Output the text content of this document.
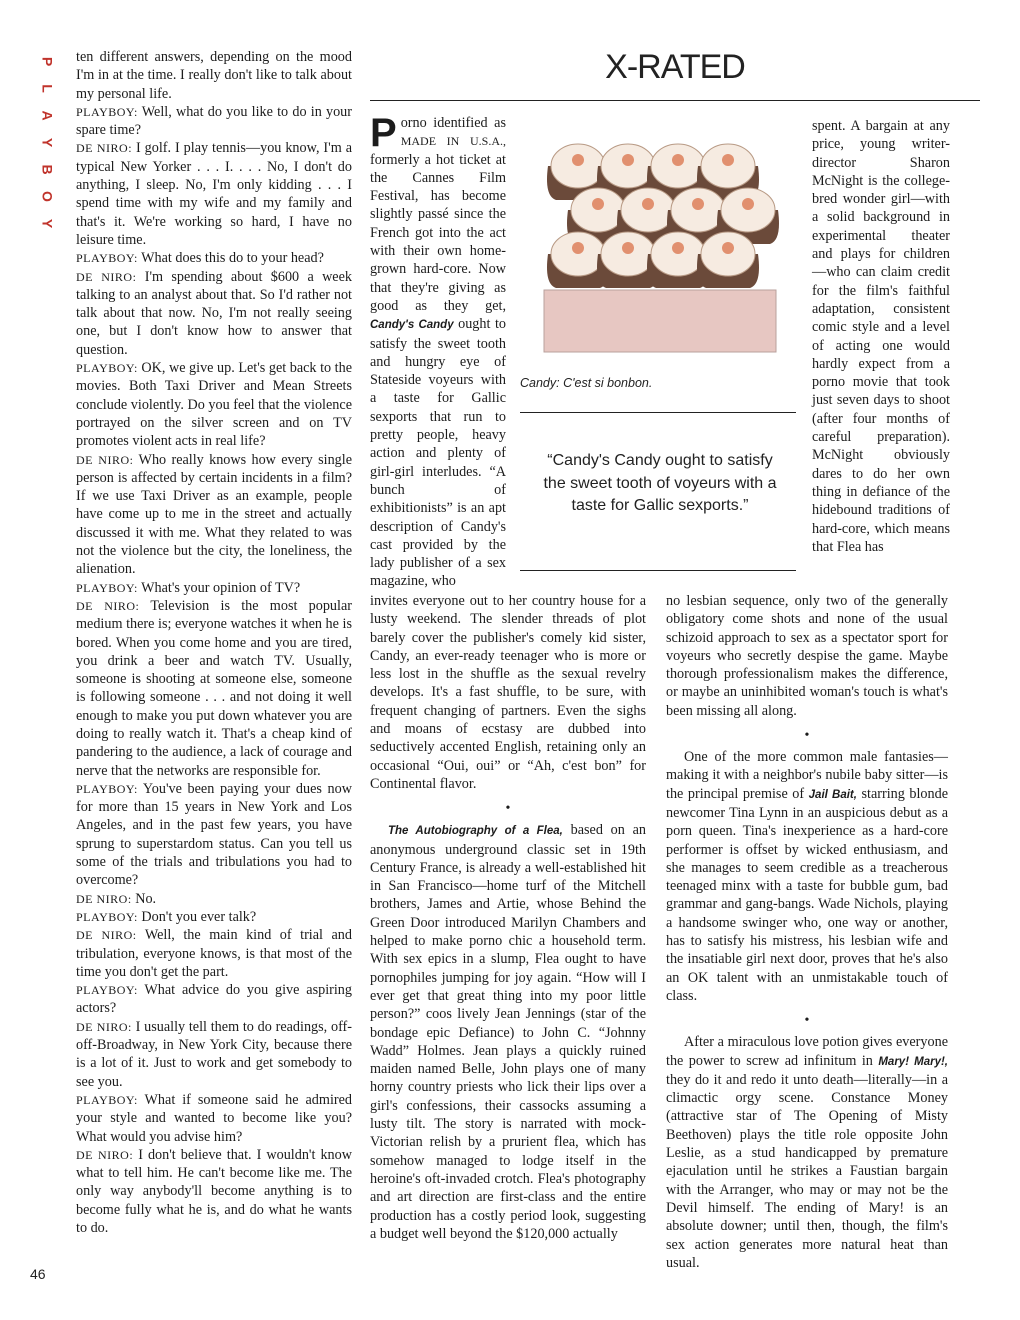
P
L
A
Y
B
O
Y
46

ten different answers, depending on the mood I'm in at the time. I really don't like to talk about my personal life.

PLAYBOY: Well, what do you like to do in your spare time?

DE NIRO: I golf. I play tennis—you know, I'm a typical New Yorker . . . I. . . . No, I don't do anything, I sleep. No, I'm only kidding . . . I spend time with my wife and my family and that's it. We're working so hard, I have no leisure time.

PLAYBOY: What does this do to your head?

DE NIRO: I'm spending about $600 a week talking to an analyst about that. So I'd rather not talk about that now. No, I'm not really seeing one, but I don't know how to answer that question.

PLAYBOY: OK, we give up. Let's get back to the movies. Both Taxi Driver and Mean Streets conclude violently. Do you feel that the violence portrayed on the silver screen and on TV promotes violent acts in real life?

DE NIRO: Who really knows how every single person is affected by certain incidents in a film? If we use Taxi Driver as an example, people have come up to me in the street and actually discussed it with me. What they related to was not the violence but the city, the loneliness, the alienation.

PLAYBOY: What's your opinion of TV?

DE NIRO: Television is the most popular medium there is; everyone watches it when he is bored. When you come home and you are tired, you drink a beer and watch TV. Usually, someone is shooting at someone else, someone is following someone . . . and not doing it well enough to make you put down whatever you are doing to really watch it. That's a cheap kind of pandering to the audience, a lack of courage and nerve that the networks are responsible for.

PLAYBOY: You've been paying your dues now for more than 15 years in New York and Los Angeles, and in the past few years, you have sprung to superstardom status. Can you tell us some of the trials and tribulations you had to overcome?

DE NIRO: No.

PLAYBOY: Don't you ever talk?

DE NIRO: Well, the main kind of trial and tribulation, everyone knows, is that most of the time you don't get the part.

PLAYBOY: What advice do you give aspiring actors?

DE NIRO: I usually tell them to do readings, off-off-Broadway, in New York City, because there is a lot of it. Just to work and get somebody to see you.

PLAYBOY: What if someone said he admired your style and wanted to become like you? What would you advise him?

DE NIRO: I don't believe that. I wouldn't know what to tell him. He can't become like me. The only way anybody'll become anything is to become fully what he is, and do what he wants to do.

X-RATED

Porno identified as MADE IN U.S.A., formerly a hot ticket at the Cannes Film Festival, has become slightly passé since the French got into the act with their own home-grown hard-core. Now that they're giving as good as they get, Candy's Candy ought to satisfy the sweet tooth and hungry eye of Stateside voyeurs with a taste for Gallic sexports that run to pretty people, heavy action and plenty of girl-girl interludes. “A bunch of exhibitionists” is an apt description of Candy's cast provided by the lady publisher of a sex magazine, who

Candy: C'est si bonbon.
“Candy's Candy ought to satisfy the sweet tooth of voyeurs with a taste for Gallic sexports.”

spent. A bargain at any price, young writer-director Sharon McNight is the college-bred wonder girl—with a solid background in experimental theater and plays for children—who can claim credit for the film's faithful adaptation, consistent comic style and a level of acting one would hardly expect from a porno movie that took just seven days to shoot (after four months of careful preparation). McNight obviously dares to do her own thing in defiance of the hidebound traditions of hard-core, which means that Flea has

invites everyone out to her country house for a lusty weekend. The slender threads of plot barely cover the publisher's comely kid sister, Candy, an ever-ready teenager who is more or less lost in the shuffle as the sexual revelry develops. It's a fast shuffle, to be sure, with frequent changing of partners. Even the sighs and moans of ecstasy are dubbed into seductively accented English, retaining only an occasional “Oui, oui” or “Ah, c'est bon” for Continental flavor.

•

The Autobiography of a Flea, based on an anonymous underground classic set in 19th Century France, is already a well-established hit in San Francisco—home turf of the Mitchell brothers, James and Artie, whose Behind the Green Door introduced Marilyn Chambers and helped to make porno chic a household term. With sex epics in a slump, Flea ought to have pornophiles jumping for joy again. “How will I ever get that great thing into my poor little person?” coos lively Jean Jennings (star of the bondage epic Defiance) to John C. “Johnny Wadd” Holmes. Jean plays a quickly ruined maiden named Belle, John plays one of many horny country priests who lick their lips over a girl's confessions, their cassocks assuming a lusty tilt. The story is narrated with mock-Victorian relish by a prurient flea, which has somehow managed to lodge itself in the heroine's oft-invaded crotch. Flea's photography and art direction are first-class and the entire production has a costly period look, suggesting a budget well beyond the $120,000 actually

no lesbian sequence, only two of the generally obligatory come shots and none of the usual schizoid approach to sex as a spectator sport for voyeurs who secretly despise the game. Maybe thorough professionalism makes the difference, or maybe an uninhibited woman's touch is what's been missing all along.

•

One of the more common male fantasies—making it with a neighbor's nubile baby sitter—is the principal premise of Jail Bait, starring blonde newcomer Tina Lynn in an auspicious debut as a porn queen. Tina's inexperience as a hard-core performer is offset by wicked enthusiasm, and she manages to seem credible as a treacherous teenaged minx with a taste for bubble gum, bad grammar and gang-bangs. Wade Nichols, playing a handsome swinger who, one way or another, has to satisfy his mistress, his lesbian wife and the insatiable girl next door, proves that he's also an OK talent with an unmistakable touch of class.

•

After a miraculous love potion gives everyone the power to screw ad infinitum in Mary! Mary!, they do it and redo it unto death—literally—in a climactic orgy scene. Constance Money (attractive star of The Opening of Misty Beethoven) plays the title role opposite John Leslie, as a stud handicapped by premature ejaculation until he strikes a Faustian bargain with the Arranger, who may or may not be the Devil himself. The ending of Mary! is an absolute downer; until then, though, the film's sex action generates more natural heat than usual.
